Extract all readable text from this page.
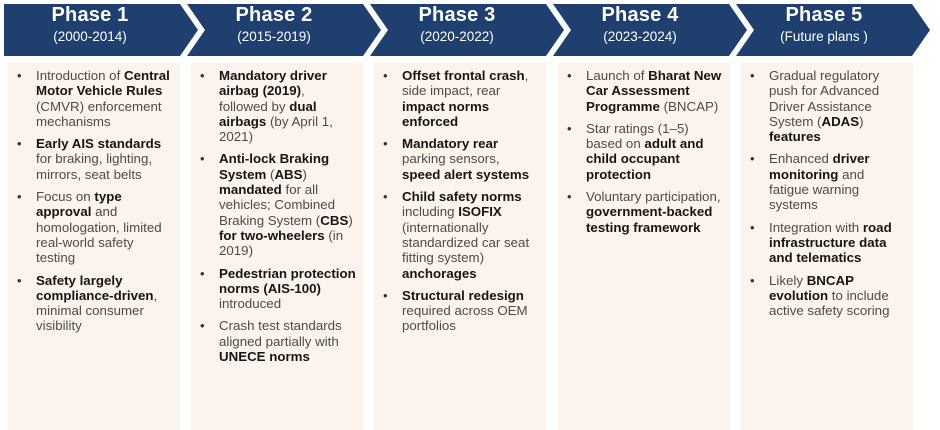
Phase 1
(2000-2014)
Phase 2
(2015-2019)
Phase 3
(2020-2022)
Phase 4
(2023-2024)
Phase 5
(Future plans )
• Introduction of Central Motor Vehicle Rules (CMVR) enforcement mechanisms
• Early AIS standards for braking, lighting, mirrors, seat belts
• Focus on type approval and homologation, limited real-world safety testing
• Safety largely compliance-driven, minimal consumer visibility
• Mandatory driver airbag (2019), followed by dual airbags (by April 1, 2021)
• Anti-lock Braking System (ABS) mandated for all vehicles; Combined Braking System (CBS) for two-wheelers (in 2019)
• Pedestrian protection norms (AIS-100) introduced
• Crash test standards aligned partially with UNECE norms
• Offset frontal crash, side impact, rear impact norms enforced
• Mandatory rear parking sensors, speed alert systems
• Child safety norms including ISOFIX (internationally standardized car seat fitting system) anchorages
• Structural redesign required across OEM portfolios
• Launch of Bharat New Car Assessment Programme (BNCAP)
• Star ratings (1–5) based on adult and child occupant protection
• Voluntary participation, government-backed testing framework
• Gradual regulatory push for Advanced Driver Assistance System (ADAS) features
• Enhanced driver monitoring and fatigue warning systems
• Integration with road infrastructure data and telematics
• Likely BNCAP evolution to include active safety scoring
